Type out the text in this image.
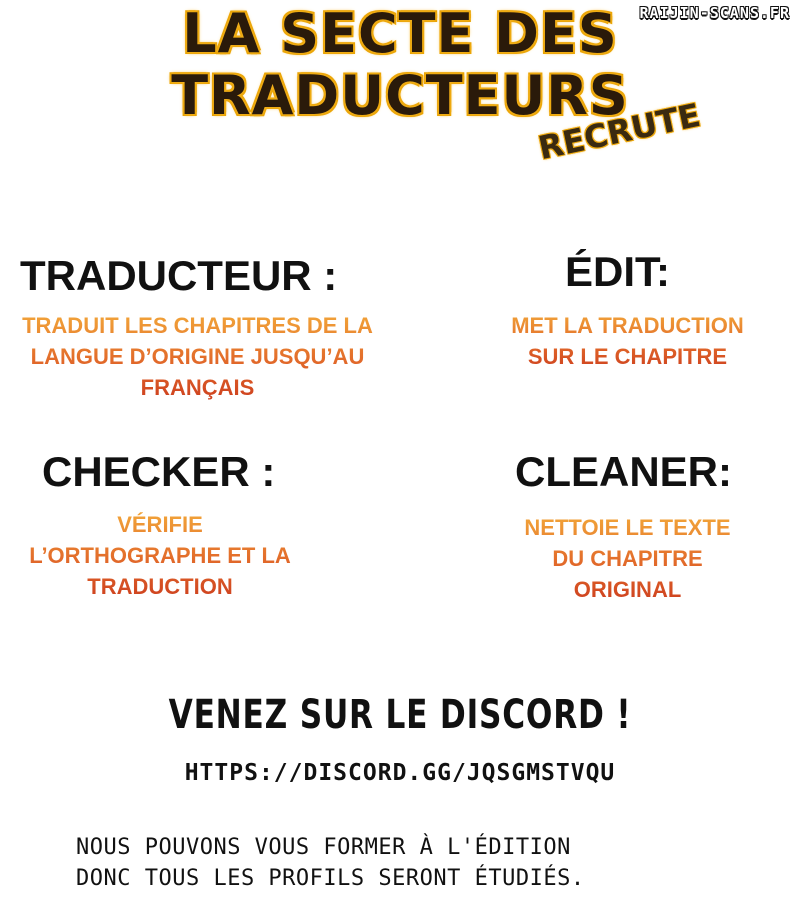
RAIJIN-SCANS.FR
LA SECTE DES
TRADUCTEURS
RECRUTE
TRADUCTEUR :
TRADUIT LES CHAPITRES DE LA
LANGUE D’ORIGINE JUSQU’AU
FRANÇAIS
ÉDIT:
MET LA TRADUCTION
SUR LE CHAPITRE
CHECKER :
VÉRIFIE
L’ORTHOGRAPHE ET LA
TRADUCTION
CLEANER:
NETTOIE LE TEXTE
DU CHAPITRE
ORIGINAL
VENEZ SUR LE DISCORD !
HTTPS://DISCORD.GG/JQSGMSTVQU
NOUS POUVONS VOUS FORMER À L'ÉDITION
DONC TOUS LES PROFILS SERONT ÉTUDIÉS.
